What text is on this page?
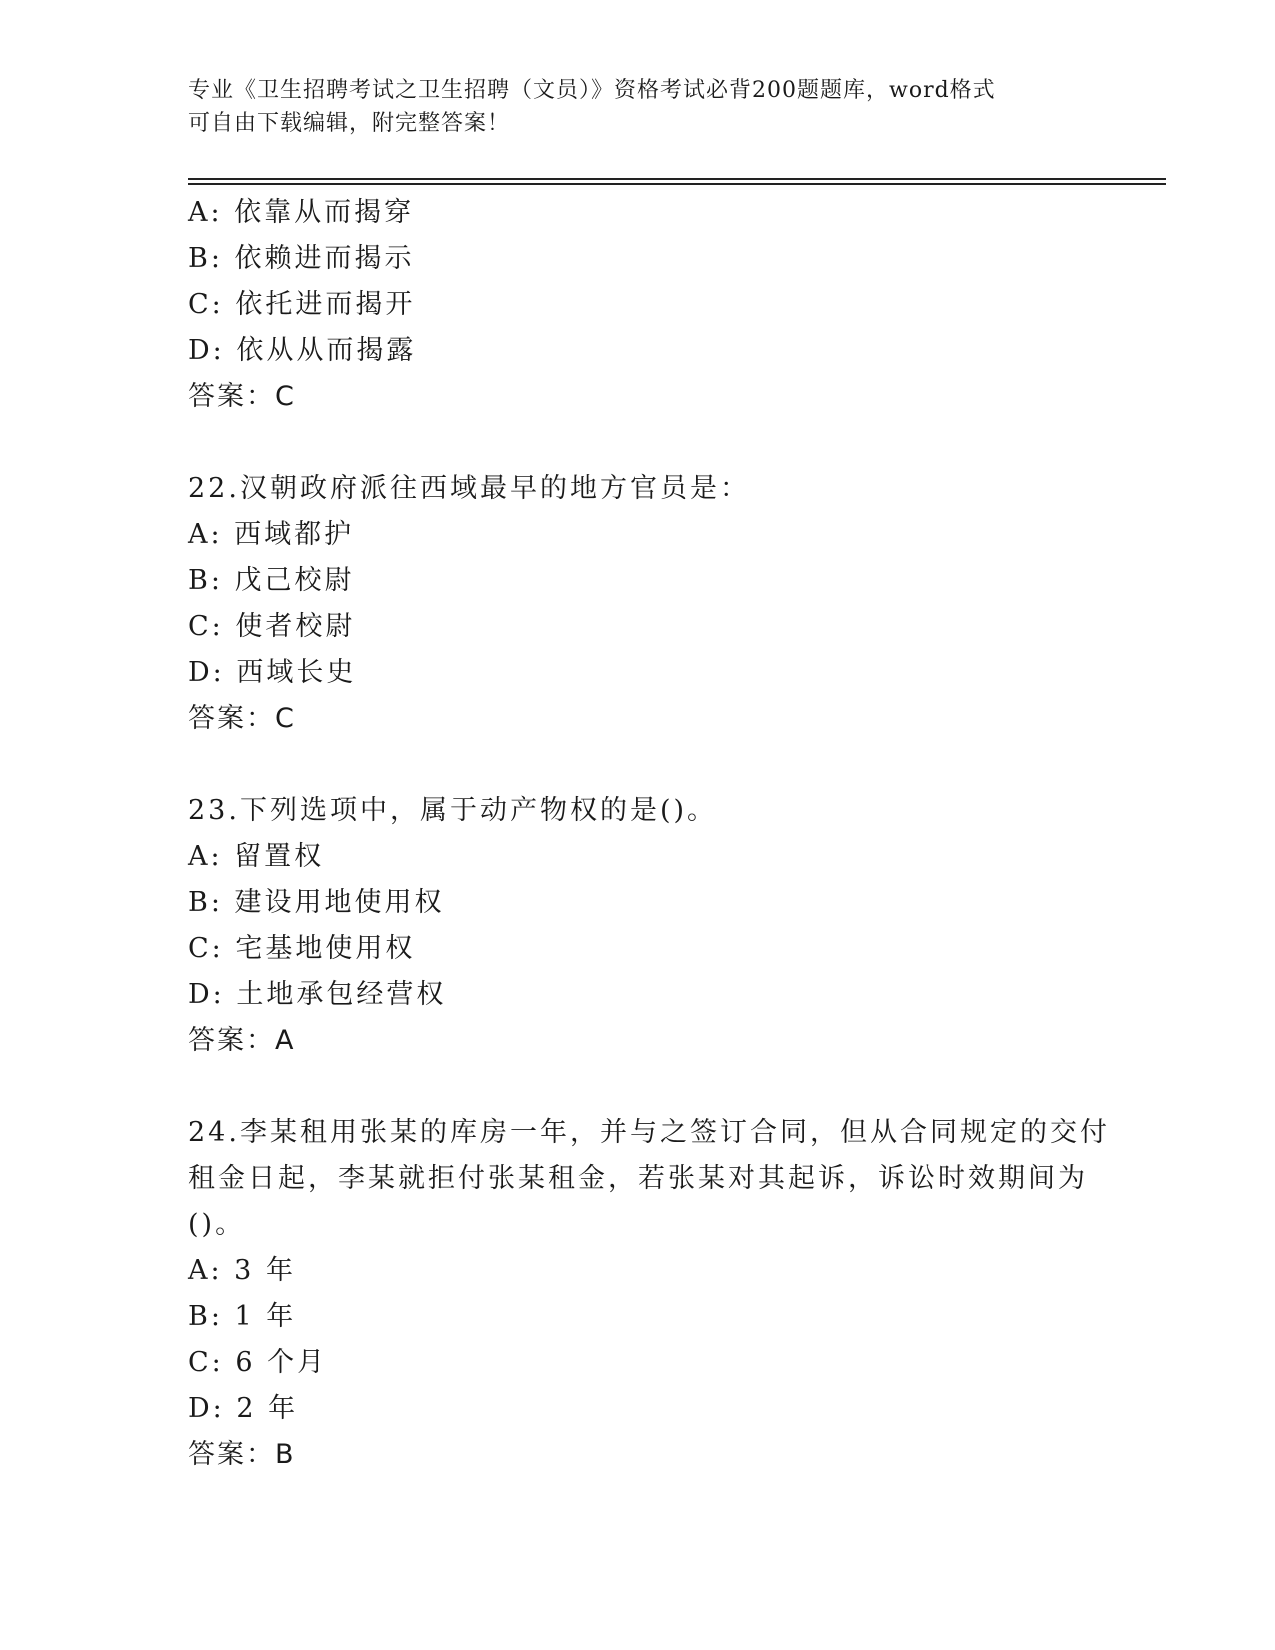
专业《卫生招聘考试之卫生招聘（文员）》资格考试必背200题题库，word格式
可自由下载编辑，附完整答案！
A: 依靠从而揭穿
B: 依赖进而揭示
C: 依托进而揭开
D: 依从从而揭露
答案：C
22.汉朝政府派往西域最早的地方官员是：
A: 西域都护
B: 戊己校尉
C: 使者校尉
D: 西域长史
答案：C
23.下列选项中，属于动产物权的是()。
A: 留置权
B: 建设用地使用权
C: 宅基地使用权
D: 土地承包经营权
答案：A
24.李某租用张某的库房一年，并与之签订合同，但从合同规定的交付
租金日起，李某就拒付张某租金，若张某对其起诉，诉讼时效期间为
()。
A: 3 年
B: 1 年
C: 6 个月
D: 2 年
答案：B
